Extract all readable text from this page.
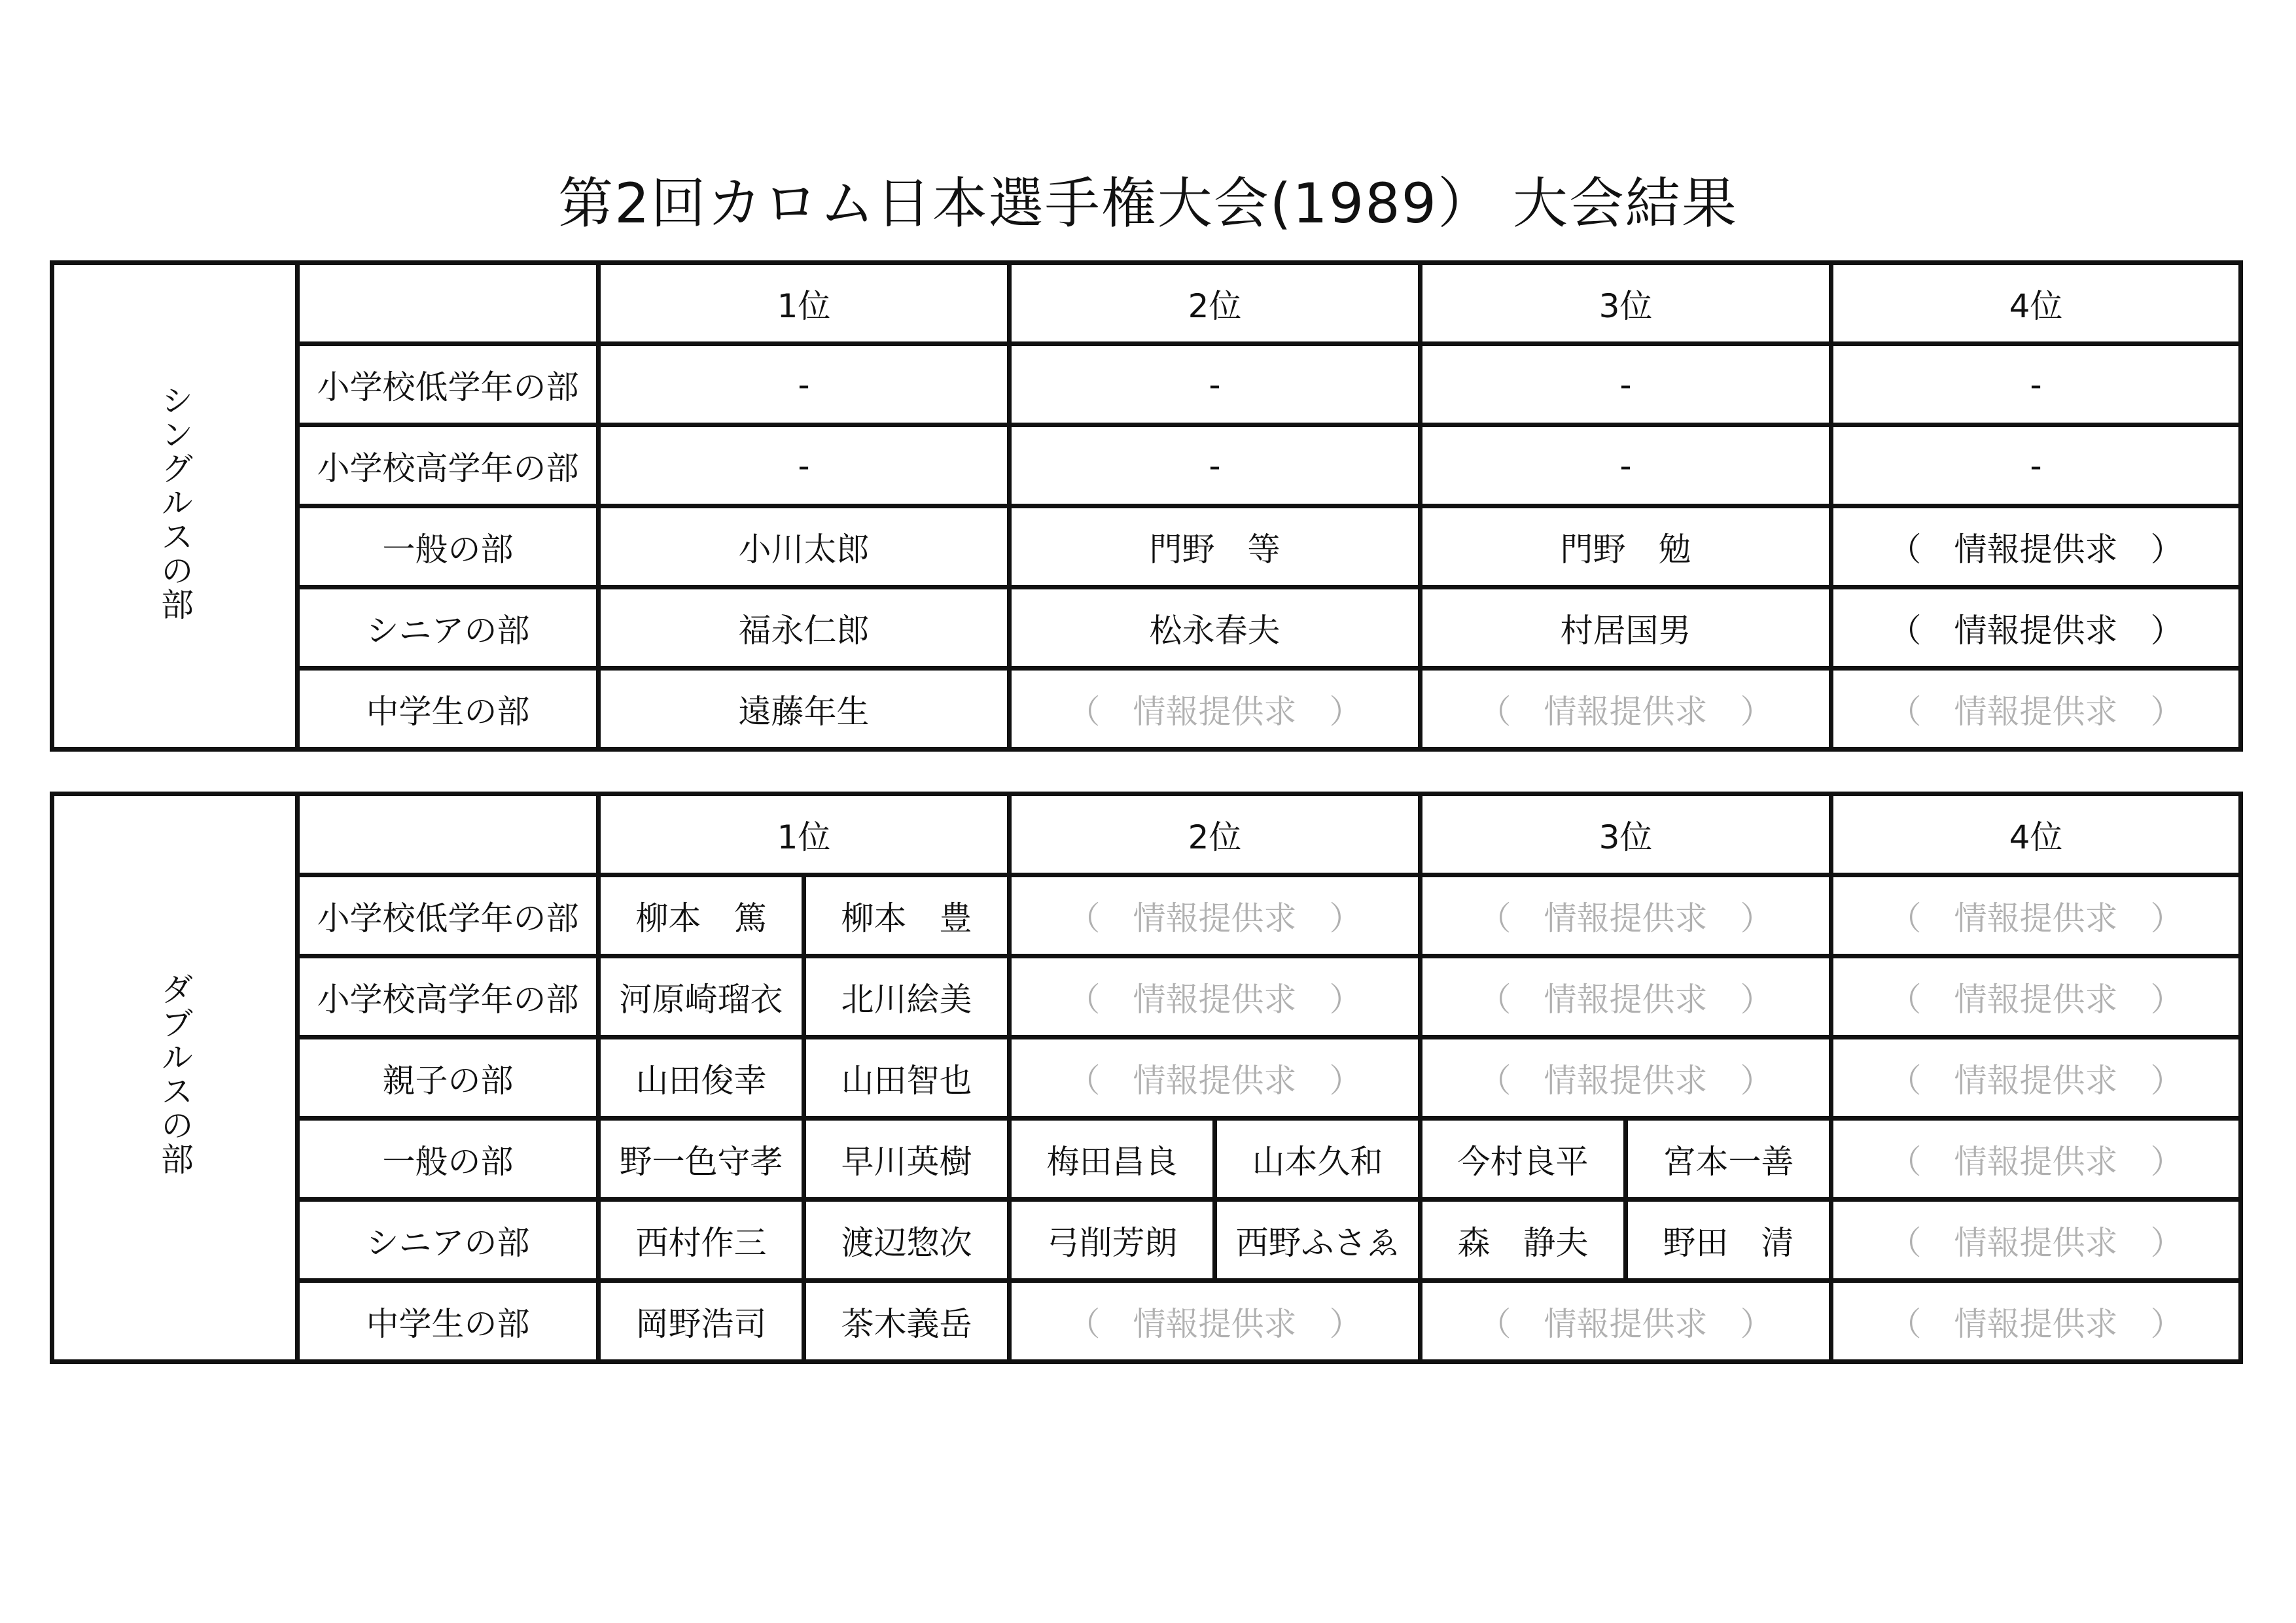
第2回カロム日本選手権大会(1989） 大会結果
シングルスの部		1位	2位	3位	4位
	小学校低学年の部	-	-	-	-
	小学校高学年の部	-	-	-	-
	一般の部	小川太郎	門野　等	門野　勉	（　情報提供求　）
	シニアの部	福永仁郎	松永春夫	村居国男	（　情報提供求　）
	中学生の部	遠藤年生	（　情報提供求　）	（　情報提供求　）	（　情報提供求　）
ダブルスの部		1位		2位		3位		4位
	小学校低学年の部	柳本　篤	柳本　豊	（　情報提供求　）		（　情報提供求　）		（　情報提供求　）
	小学校高学年の部	河原崎瑠衣	北川絵美	（　情報提供求　）		（　情報提供求　）		（　情報提供求　）
	親子の部	山田俊幸	山田智也	（　情報提供求　）		（　情報提供求　）		（　情報提供求　）
	一般の部	野一色守孝	早川英樹	梅田昌良	山本久和	今村良平	宮本一善	（　情報提供求　）
	シニアの部	西村作三	渡辺惣次	弓削芳朗	西野ふさゑ	森　静夫	野田　清	（　情報提供求　）
	中学生の部	岡野浩司	茶木義岳	（　情報提供求　）		（　情報提供求　）		（　情報提供求　）
